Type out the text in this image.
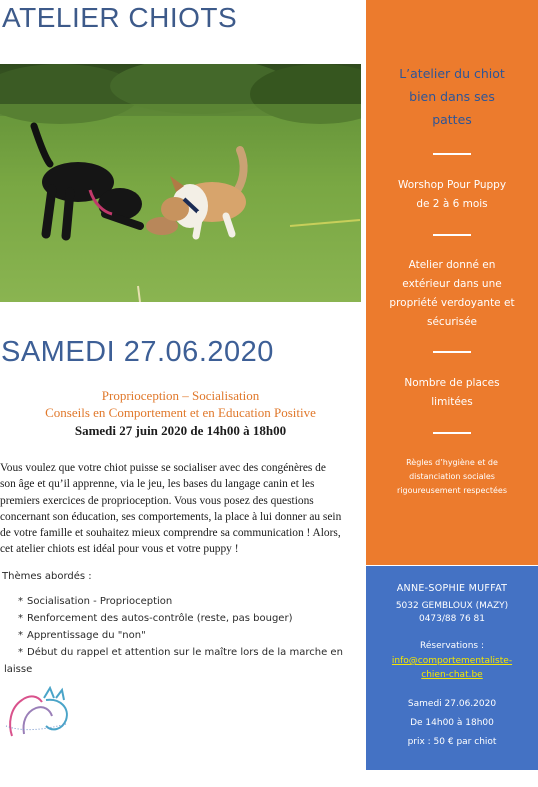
ATELIER CHIOTS
SAMEDI 27.06.2020
Proprioception – Socialisation
Conseils en Comportement et en Education Positive
Samedi 27 juin 2020 de 14h00 à 18h00
Vous voulez que votre chiot puisse se socialiser avec des congénères de
son âge et qu’il apprenne, via le jeu, les bases du langage canin et les
premiers exercices de proprioception. Vous vous posez des questions
concernant son éducation, ses comportements, la place à lui donner au sein
de votre famille et souhaitez mieux comprendre sa communication ! Alors,
cet atelier chiots est idéal pour vous et votre puppy !
Thèmes abordés :
* Socialisation - Proprioception
* Renforcement des autos-contrôle (reste, pas bouger)
* Apprentissage du "non"
* Début du rappel et attention sur le maître lors de la marche en
laisse
L’atelier du chiot
bien dans ses
pattes
Worshop Pour Puppy
de 2 à 6 mois
Atelier donné en
extérieur dans une
propriété verdoyante et
sécurisée
Nombre de places
limitées
Règles d’hygiène et de
distanciation sociales
rigoureusement respectées
ANNE-SOPHIE MUFFAT
5032 GEMBLOUX (MAZY)
0473/88 76 81
Réservations :
info@comportementaliste-
chien-chat.be
Samedi 27.06.2020
De 14h00 à 18h00
prix : 50 € par chiot
